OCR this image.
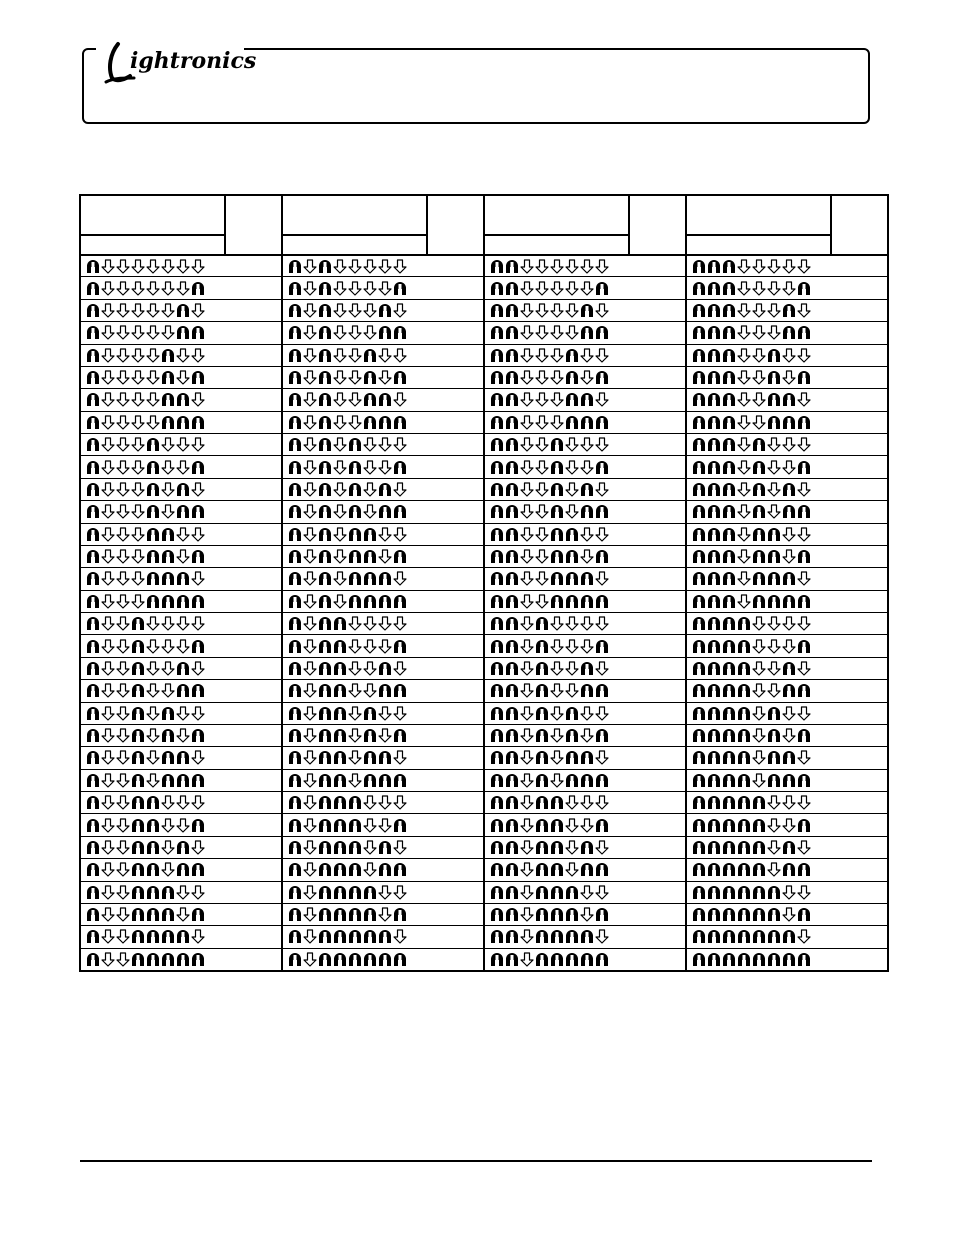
ightronics
